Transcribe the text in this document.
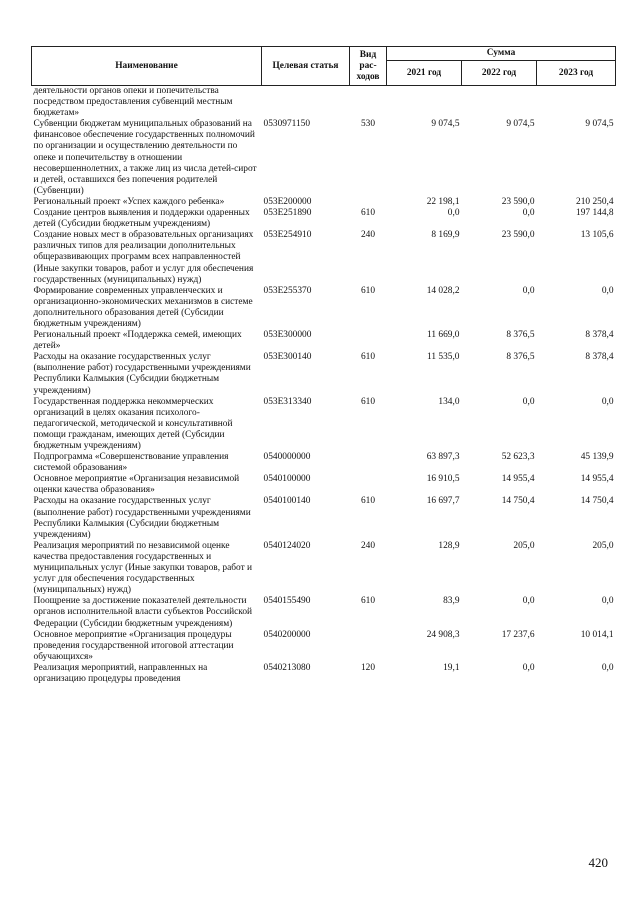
Наименование	Целевая статья	Вид рас-ходов	Сумма		
			2021 год	2022 год	2023 год
деятельности органов опеки и попечительства посредством предоставления субвенций местным бюджетам»					
Субвенции бюджетам муниципальных образований на финансовое обеспечение государственных полномочий по организации и осуществлению деятельности по опеке и попечительству в отношении несовершеннолетних, а также лиц из числа детей-сирот и детей, оставшихся без попечения родителей (Субвенции)	0530971150	530	9 074,5	9 074,5	9 074,5
Региональный проект «Успех каждого ребенка»	053E200000		22 198,1	23 590,0	210 250,4
Создание центров выявления и поддержки одаренных детей (Субсидии бюджетным учреждениям)	053E251890	610	0,0	0,0	197 144,8
Создание новых мест в образовательных организациях различных типов для реализации дополнительных общеразвивающих программ всех направленностей (Иные закупки товаров, работ и услуг для обеспечения государственных (муниципальных) нужд)	053E254910	240	8 169,9	23 590,0	13 105,6
Формирование современных управленческих и организационно-экономических механизмов в системе дополнительного образования детей (Субсидии бюджетным учреждениям)	053E255370	610	14 028,2	0,0	0,0
Региональный проект «Поддержка семей, имеющих детей»	053E300000		11 669,0	8 376,5	8 378,4
Расходы на оказание государственных услуг (выполнение работ) государственными учреждениями Республики Калмыкия (Субсидии бюджетным учреждениям)	053E300140	610	11 535,0	8 376,5	8 378,4
Государственная поддержка некоммерческих организаций в целях оказания психолого-педагогической, методической и консультативной помощи гражданам, имеющих детей (Субсидии бюджетным учреждениям)	053E313340	610	134,0	0,0	0,0
Подпрограмма «Совершенствование управления системой образования»	0540000000		63 897,3	52 623,3	45 139,9
Основное мероприятие «Организация независимой оценки качества образования»	0540100000		16 910,5	14 955,4	14 955,4
Расходы на оказание государственных услуг (выполнение работ) государственными учреждениями Республики Калмыкия (Субсидии бюджетным учреждениям)	0540100140	610	16 697,7	14 750,4	14 750,4
Реализация мероприятий по независимой оценке качества предоставления государственных и муниципальных услуг (Иные закупки товаров, работ и услуг для обеспечения государственных (муниципальных) нужд)	0540124020	240	128,9	205,0	205,0
Поощрение за достижение показателей деятельности органов исполнительной власти субъектов Российской Федерации (Субсидии бюджетным учреждениям)	0540155490	610	83,9	0,0	0,0
Основное мероприятие «Организация процедуры проведения государственной итоговой аттестации обучающихся»	0540200000		24 908,3	17 237,6	10 014,1
Реализация мероприятий, направленных на организацию процедуры проведения	0540213080	120	19,1	0,0	0,0
420
